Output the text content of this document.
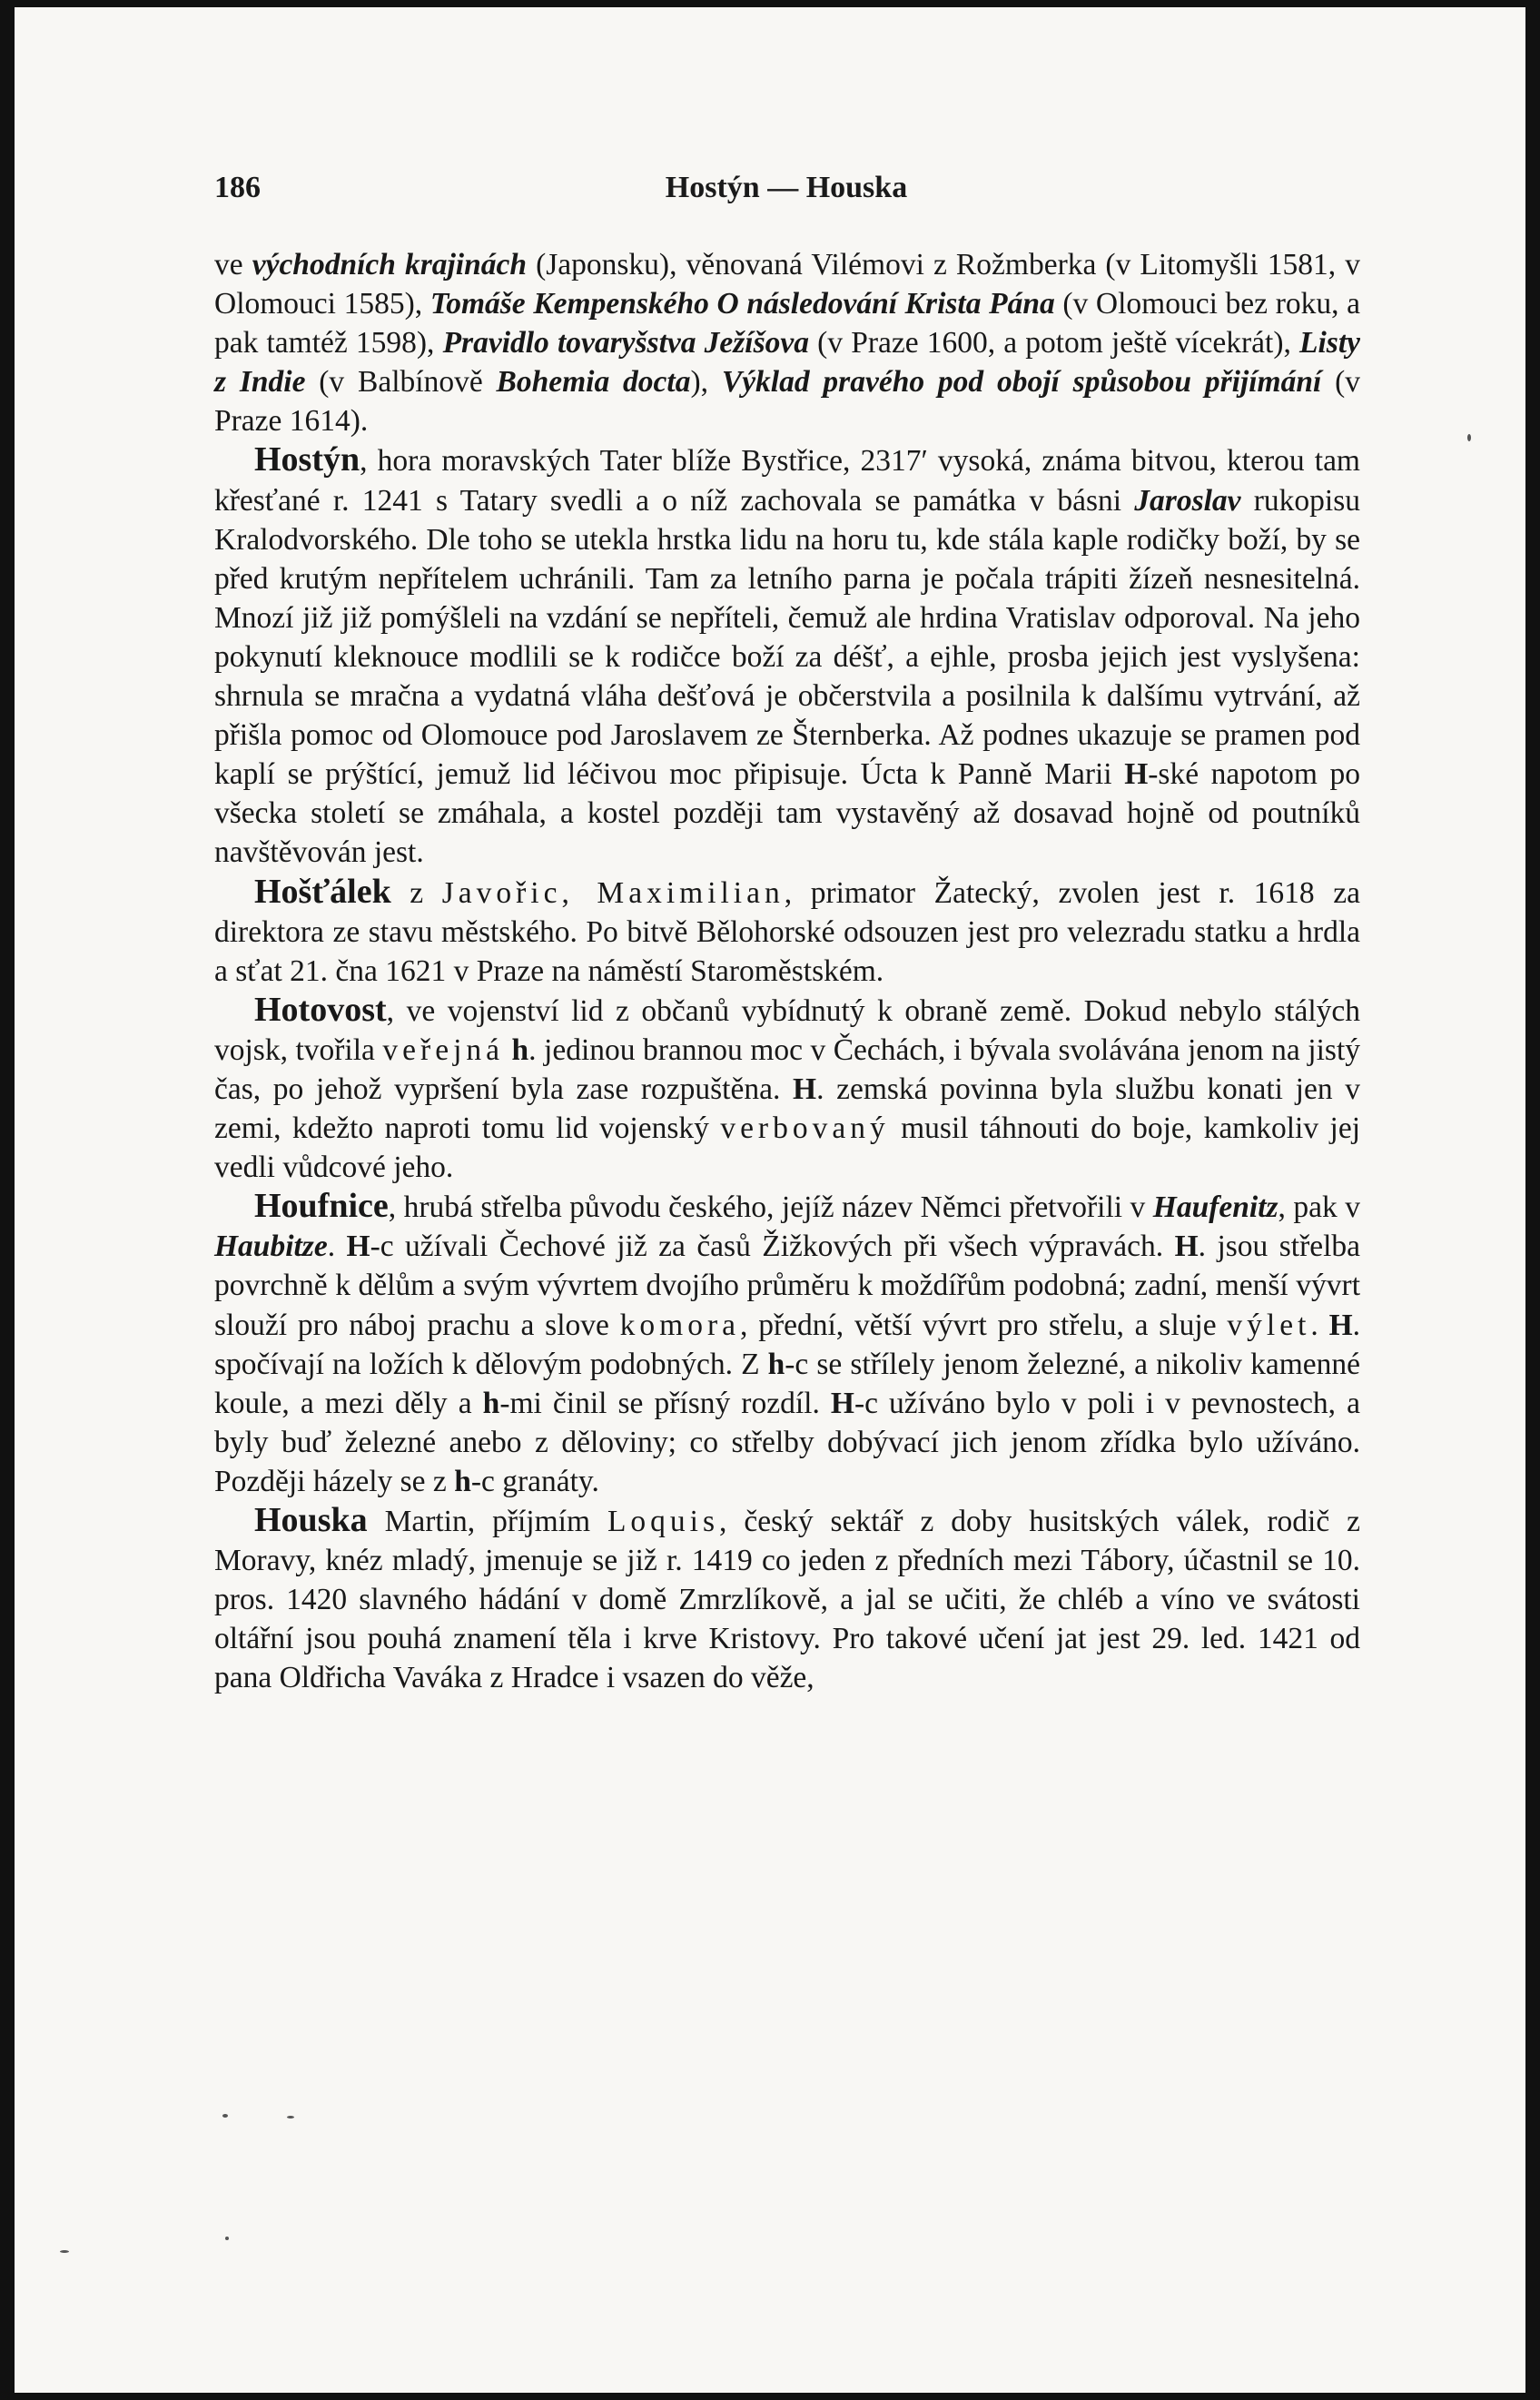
186	Hostýn — Houska

ve východních krajinách (Japonsku), věnovaná Vilémovi z Rožmberka (v Litomyšli 1581, v Olomouci 1585), Tomáše Kempenského O následování Krista Pána (v Olomouci bez roku, a pak tamtéž 1598), Pravidlo tovaryšstva Ježíšova (v Praze 1600, a potom ještě vícekrát), Listy z Indie (v Balbínově Bohemia docta), Výklad pravého pod obojí spůsobou přijímání (v Praze 1614).

Hostýn, hora moravských Tater blíže Bystřice, 2317′ vysoká, známa bitvou, kterou tam křesťané r. 1241 s Tatary svedli a o níž zachovala se památka v básni Jaroslav rukopisu Kralodvorského. Dle toho se utekla hrstka lidu na horu tu, kde stála kaple rodičky boží, by se před krutým nepřítelem uchránili. Tam za letního parna je počala trápiti žízeň nesnesitelná. Mnozí již již pomýšleli na vzdání se nepříteli, čemuž ale hrdina Vratislav odporoval. Na jeho pokynutí kleknouce modlili se k rodičce boží za déšť, a ejhle, prosba jejich jest vyslyšena: shrnula se mračna a vydatná vláha dešťová je občerstvila a posilnila k dalšímu vytrvání, až přišla pomoc od Olomouce pod Jaroslavem ze Šternberka. Až podnes ukazuje se pramen pod kaplí se prýštící, jemuž lid léčivou moc připisuje. Úcta k Panně Marii H-ské napotom po všecka století se zmáhala, a kostel později tam vystavěný až dosavad hojně od poutníků navštěvován jest.

Hošťálek z Javořic, Maximilian, primator Žatecký, zvolen jest r. 1618 za direktora ze stavu městského. Po bitvě Bělohorské odsouzen jest pro velezradu statku a hrdla a sťat 21. čna 1621 v Praze na náměstí Staroměstském.

Hotovost, ve vojenství lid z občanů vybídnutý k obraně země. Dokud nebylo stálých vojsk, tvořila veřejná h. jedinou brannou moc v Čechách, i bývala svolávána jenom na jistý čas, po jehož vypršení byla zase rozpuštěna. H. zemská povinna byla službu konati jen v zemi, kdežto naproti tomu lid vojenský verbovaný musil táhnouti do boje, kamkoliv jej vedli vůdcové jeho.

Houfnice, hrubá střelba původu českého, jejíž název Němci přetvořili v Haufenitz, pak v Haubitze. H-c užívali Čechové již za časů Žižkových při všech výpravách. H. jsou střelba povrchně k dělům a svým vývrtem dvojího průměru k moždířům podobná; zadní, menší vývrt slouží pro náboj prachu a slove komora, přední, větší vývrt pro střelu, a sluje výlet. H. spočívají na ložích k dělovým podobných. Z h-c se střílely jenom železné, a nikoliv kamenné koule, a mezi děly a h-mi činil se přísný rozdíl. H-c užíváno bylo v poli i v pevnostech, a byly buď železné anebo z děloviny; co střelby dobývací jich jenom zřídka bylo užíváno. Později házely se z h-c granáty.

Houska Martin, příjmím Loquis, český sektář z doby husitských válek, rodič z Moravy, knéz mladý, jmenuje se již r. 1419 co jeden z předních mezi Tábory, účastnil se 10. pros. 1420 slavného hádání v domě Zmrzlíkově, a jal se učiti, že chléb a víno ve svátosti oltářní jsou pouhá znamení těla i krve Kristovy. Pro takové učení jat jest 29. led. 1421 od pana Oldřicha Vaváka z Hradce i vsazen do věže,
